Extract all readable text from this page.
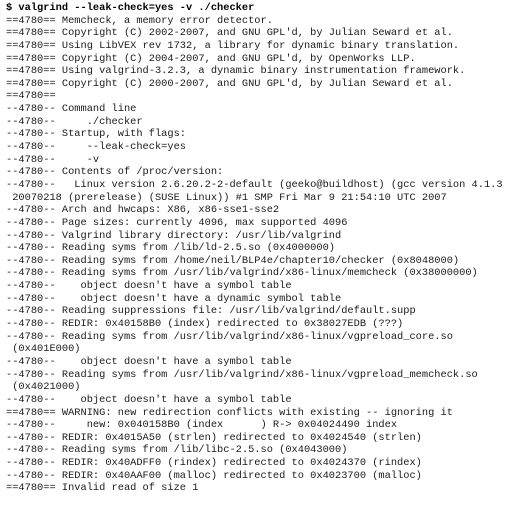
$ valgrind --leak-check=yes -v ./checker
==4780== Memcheck, a memory error detector.
==4780== Copyright (C) 2002-2007, and GNU GPL'd, by Julian Seward et al.
==4780== Using LibVEX rev 1732, a library for dynamic binary translation.
==4780== Copyright (C) 2004-2007, and GNU GPL'd, by OpenWorks LLP.
==4780== Using valgrind-3.2.3, a dynamic binary instrumentation framework.
==4780== Copyright (C) 2000-2007, and GNU GPL'd, by Julian Seward et al.
==4780==
--4780-- Command line
--4780--     ./checker
--4780-- Startup, with flags:
--4780--     --leak-check=yes
--4780--     -v
--4780-- Contents of /proc/version:
--4780--   Linux version 2.6.20.2-2-default (geeko@buildhost) (gcc version 4.1.3
20070218 (prerelease) (SUSE Linux)) #1 SMP Fri Mar 9 21:54:10 UTC 2007
--4780-- Arch and hwcaps: X86, x86-sse1-sse2
--4780-- Page sizes: currently 4096, max supported 4096
--4780-- Valgrind library directory: /usr/lib/valgrind
--4780-- Reading syms from /lib/ld-2.5.so (0x4000000)
--4780-- Reading syms from /home/neil/BLP4e/chapter10/checker (0x8048000)
--4780-- Reading syms from /usr/lib/valgrind/x86-linux/memcheck (0x38000000)
--4780--    object doesn't have a symbol table
--4780--    object doesn't have a dynamic symbol table
--4780-- Reading suppressions file: /usr/lib/valgrind/default.supp
--4780-- REDIR: 0x40158B0 (index) redirected to 0x38027EDB (???)
--4780-- Reading syms from /usr/lib/valgrind/x86-linux/vgpreload_core.so
(0x401E000)
--4780--    object doesn't have a symbol table
--4780-- Reading syms from /usr/lib/valgrind/x86-linux/vgpreload_memcheck.so
(0x4021000)
--4780--    object doesn't have a symbol table
==4780== WARNING: new redirection conflicts with existing -- ignoring it
--4780--     new: 0x040158B0 (index      ) R-> 0x04024490 index
--4780-- REDIR: 0x4015A50 (strlen) redirected to 0x4024540 (strlen)
--4780-- Reading syms from /lib/libc-2.5.so (0x4043000)
--4780-- REDIR: 0x40ADFF0 (rindex) redirected to 0x4024370 (rindex)
--4780-- REDIR: 0x40AAF00 (malloc) redirected to 0x4023700 (malloc)
==4780== Invalid read of size 1
